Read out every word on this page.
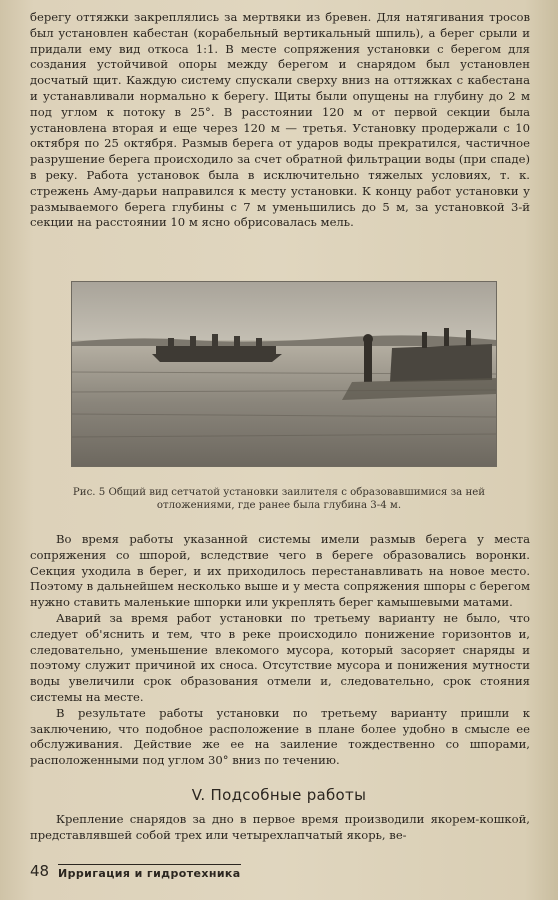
берегу оттяжки закреплялись за мертвяки из бревен. Для натягивания тросов был установлен кабестан (корабельный вертикальный шпиль), а берег срыли и придали ему вид откоса 1:1. В месте сопряжения установки с берегом для создания устойчивой опоры между берегом и снарядом был установлен досчатый щит. Каждую систему спускали сверху вниз на оттяжках с кабестана и устанавливали нормально к берегу. Щиты были опущены на глубину до 2 м под углом к потоку в 25°. В расстоянии 120 м от первой секции была установлена вторая и еще через 120 м — третья. Установку продержали с 10 октября по 25 октября. Размыв берега от ударов воды прекратился, частичное разрушение берега происходило за счет обратной фильтрации воды (при спаде) в реку. Работа установок была в исключительно тяжелых условиях, т. к. стрежень Аму-дарьи направился к месту установки. К концу работ установки у размываемого берега глубины с 7 м уменьшились до 5 м, за установкой 3-й секции на расстоянии 10 м ясно обрисовалась мель.

Рис. 5 Общий вид сетчатой установки заилителя с образовавшимися за ней отложениями, где ранее была глубина 3-4 м.

Во время работы указанной системы имели размыв берега у места сопряжения со шпорой, вследствие чего в береге образовались воронки. Секция уходила в берег, и их приходилось перестанавливать на новое место. Поэтому в дальнейшем несколько выше и у места сопряжения шпоры с берегом нужно ставить маленькие шпорки или укреплять берег камышевыми матами.

Аварий за время работ установки по третьему варианту не было, что следует об'яснить и тем, что в реке происходило понижение горизонтов и, следовательно, уменьшение влекомого мусора, который засоряет снаряды и поэтому служит причиной их сноса. Отсутствие мусора и понижения мутности воды увеличили срок образования отмели и, следовательно, срок стояния системы на месте.

В результате работы установки по третьему варианту пришли к заключению, что подобное расположение в плане более удобно в смысле ее обслуживания. Действие же ее на заиление тождественно со шпорами, расположенными под углом 30° вниз по течению.

V. Подсобные работы

Крепление снарядов за дно в первое время производили якорем-кошкой, представлявшей собой трех или четырехлапчатый якорь, ве-

48 Ирригация и гидротехника
